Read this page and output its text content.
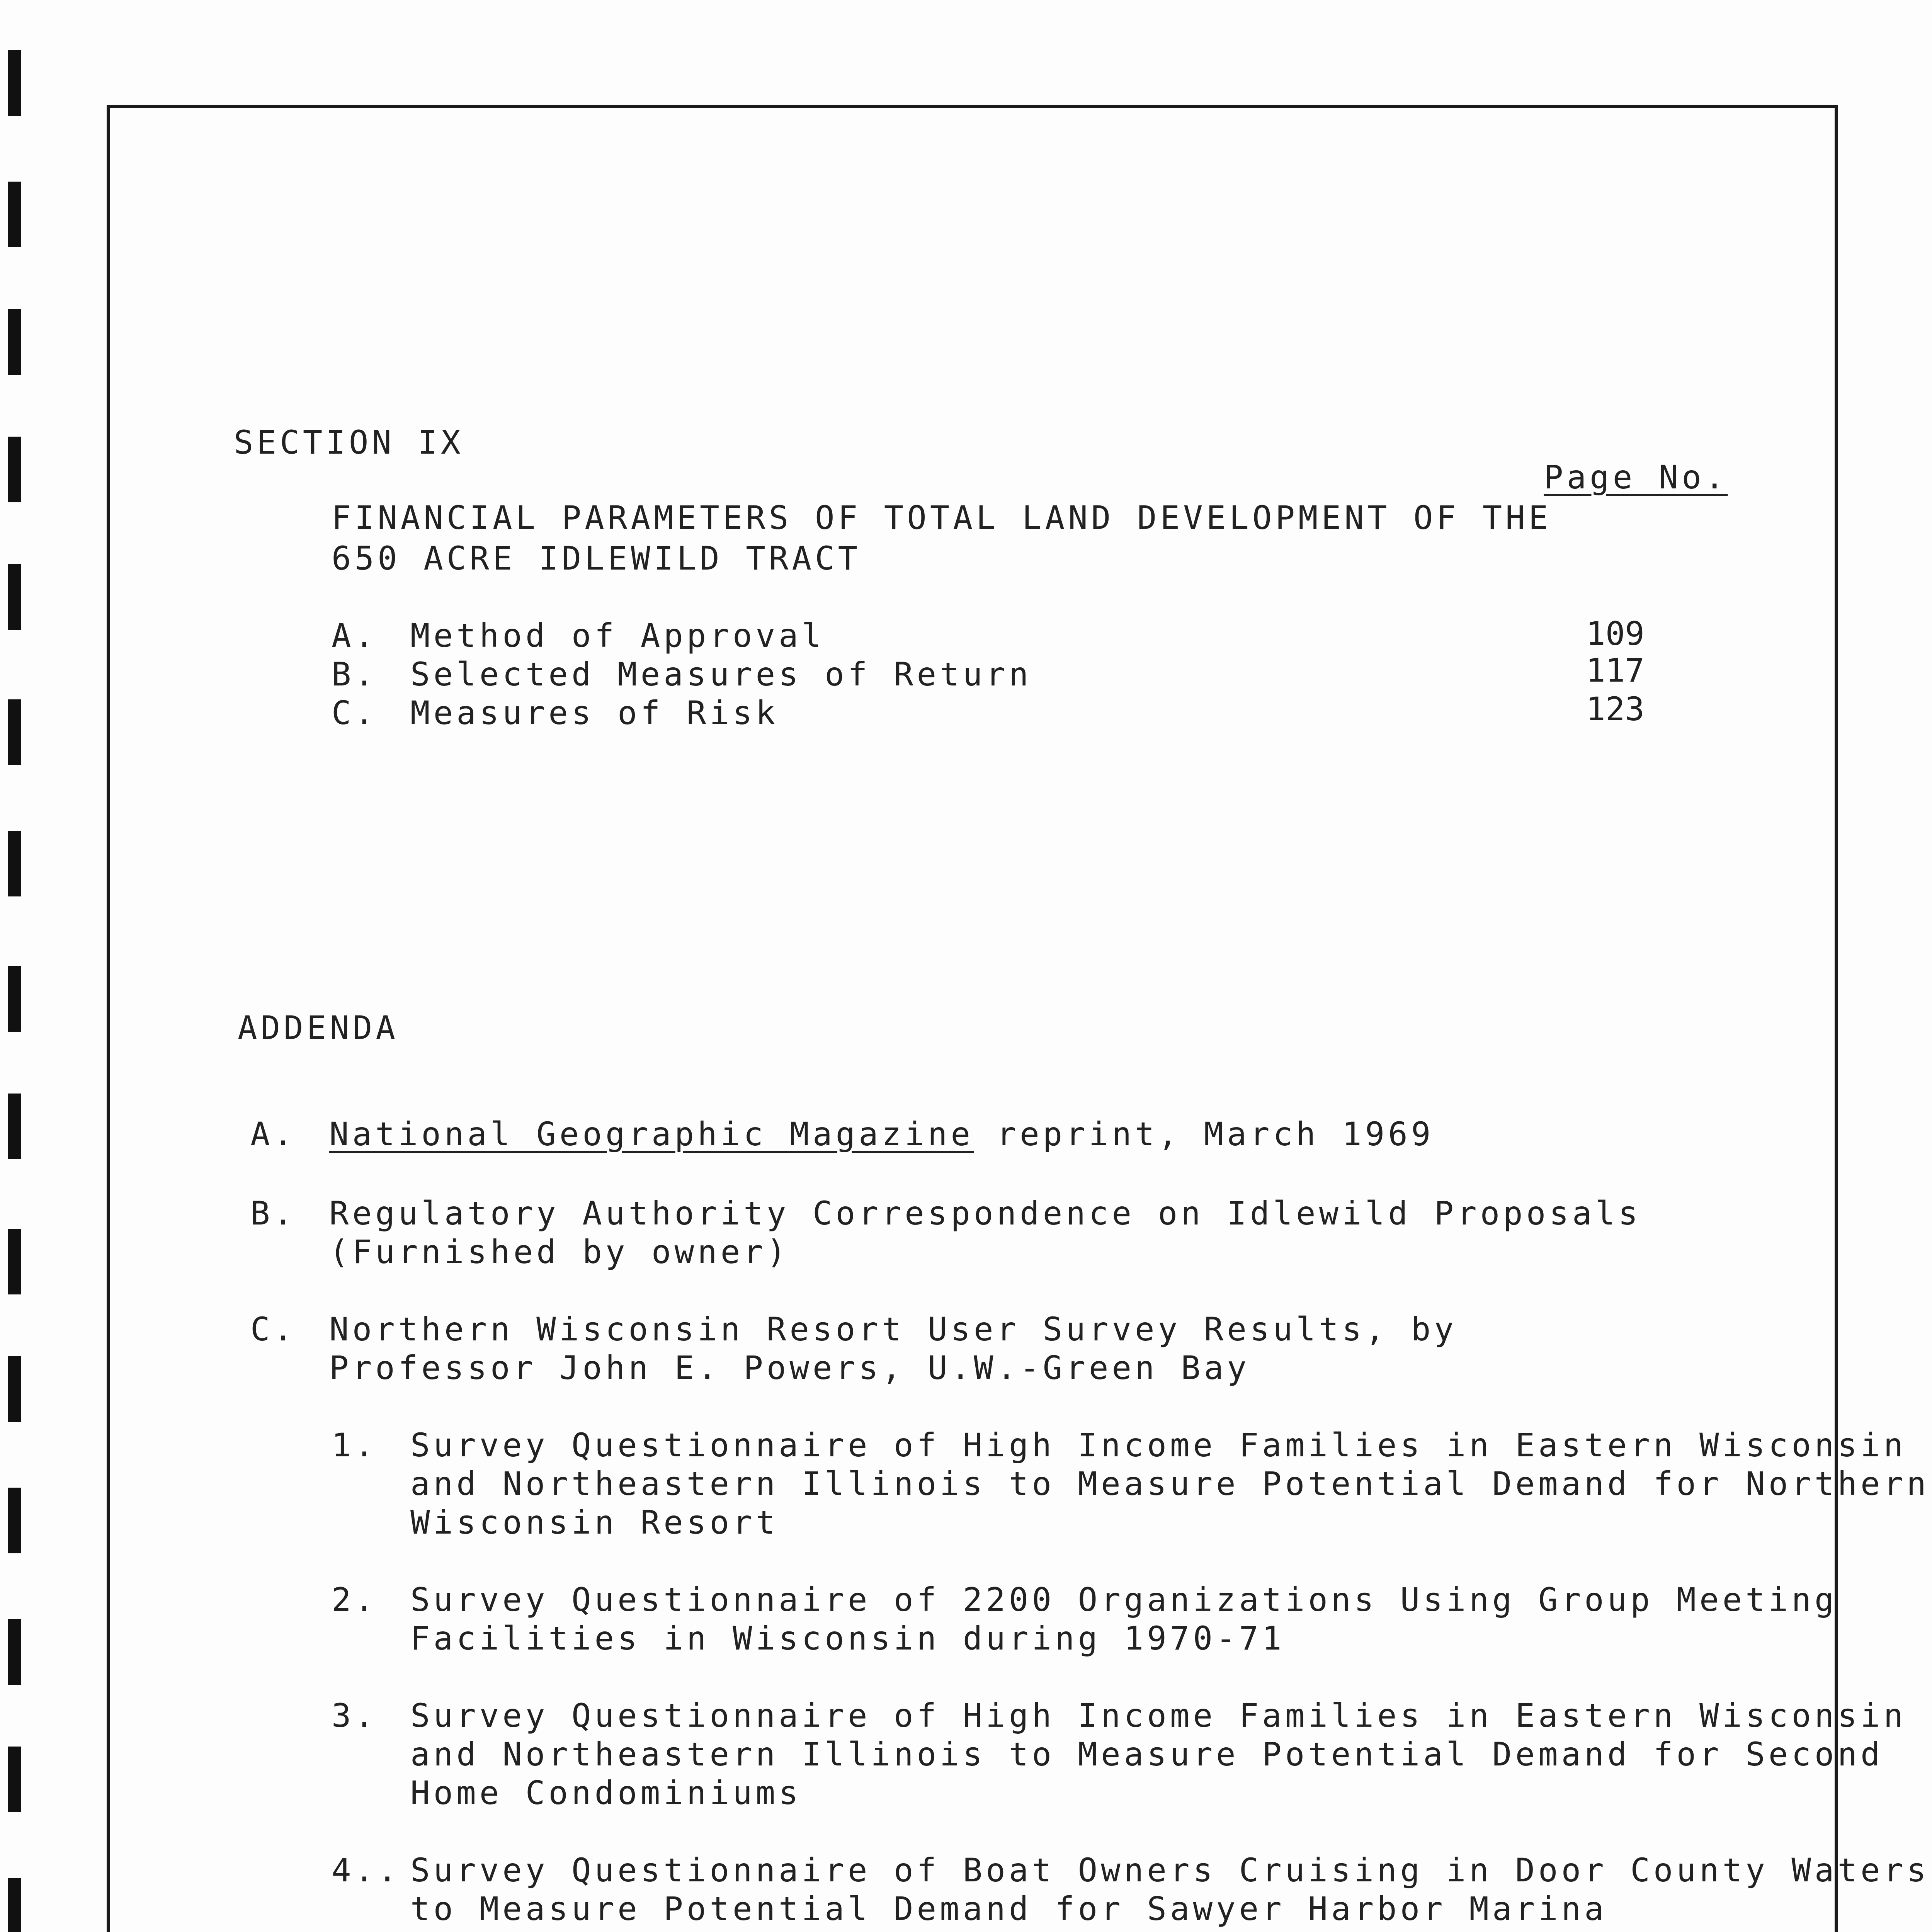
SECTION IX
Page No.
FINANCIAL PARAMETERS OF TOTAL LAND DEVELOPMENT OF THE
650 ACRE IDLEWILD TRACT
A. Method of Approval	109
B. Selected Measures of Return	117
C. Measures of Risk	123
ADDENDA
A. National Geographic Magazine reprint, March 1969
B. Regulatory Authority Correspondence on Idlewild Proposals
(Furnished by owner)
C. Northern Wisconsin Resort User Survey Results, by
Professor John E. Powers, U.W.-Green Bay
1. Survey Questionnaire of High Income Families in Eastern Wisconsin
and Northeastern Illinois to Measure Potential Demand for Northern
Wisconsin Resort
2. Survey Questionnaire of 2200 Organizations Using Group Meeting
Facilities in Wisconsin during 1970-71
3. Survey Questionnaire of High Income Families in Eastern Wisconsin
and Northeastern Illinois to Measure Potential Demand for Second
Home Condominiums
4.. Survey Questionnaire of Boat Owners Cruising in Door County Waters
to Measure Potential Demand for Sawyer Harbor Marina
